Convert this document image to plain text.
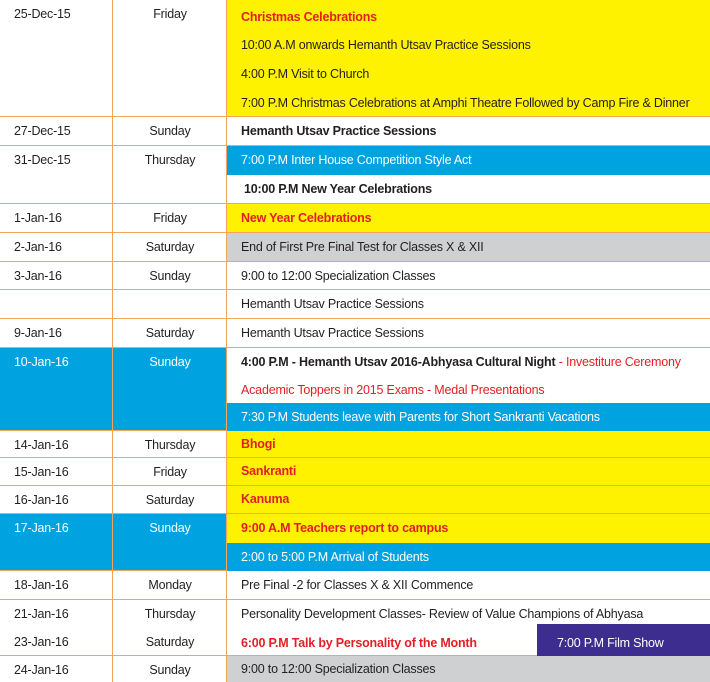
25-Dec-15	Friday	Christmas Celebrations
10:00 A.M onwards Hemanth Utsav Practice Sessions
4:00 P.M Visit to Church
7:00 P.M Christmas Celebrations at Amphi Theatre Followed by Camp Fire & Dinner
27-Dec-15	Sunday	Hemanth Utsav Practice Sessions
31-Dec-15	Thursday	7:00 P.M Inter House Competition Style Act
10:00 P.M New Year Celebrations
1-Jan-16	Friday	New Year Celebrations
2-Jan-16	Saturday	End of First Pre Final Test for Classes X & XII
3-Jan-16	Sunday	9:00 to 12:00 Specialization Classes
Hemanth Utsav Practice Sessions
9-Jan-16	Saturday	Hemanth Utsav Practice Sessions
10-Jan-16	Sunday	4:00 P.M - Hemanth Utsav 2016-Abhyasa Cultural Night - Investiture Ceremony
Academic Toppers in 2015 Exams - Medal Presentations
7:30 P.M Students leave with Parents for Short Sankranti Vacations
14-Jan-16	Thursday	Bhogi
15-Jan-16	Friday	Sankranti
16-Jan-16	Saturday	Kanuma
17-Jan-16	Sunday	9:00 A.M Teachers report to campus
2:00 to 5:00 P.M Arrival of Students
18-Jan-16	Monday	Pre Final -2 for Classes X & XII Commence
21-Jan-16	Thursday	Personality Development Classes- Review of Value Champions of Abhyasa
23-Jan-16	Saturday	6:00 P.M Talk by Personality of the Month	7:00 P.M Film Show
24-Jan-16	Sunday	9:00 to 12:00 Specialization Classes
